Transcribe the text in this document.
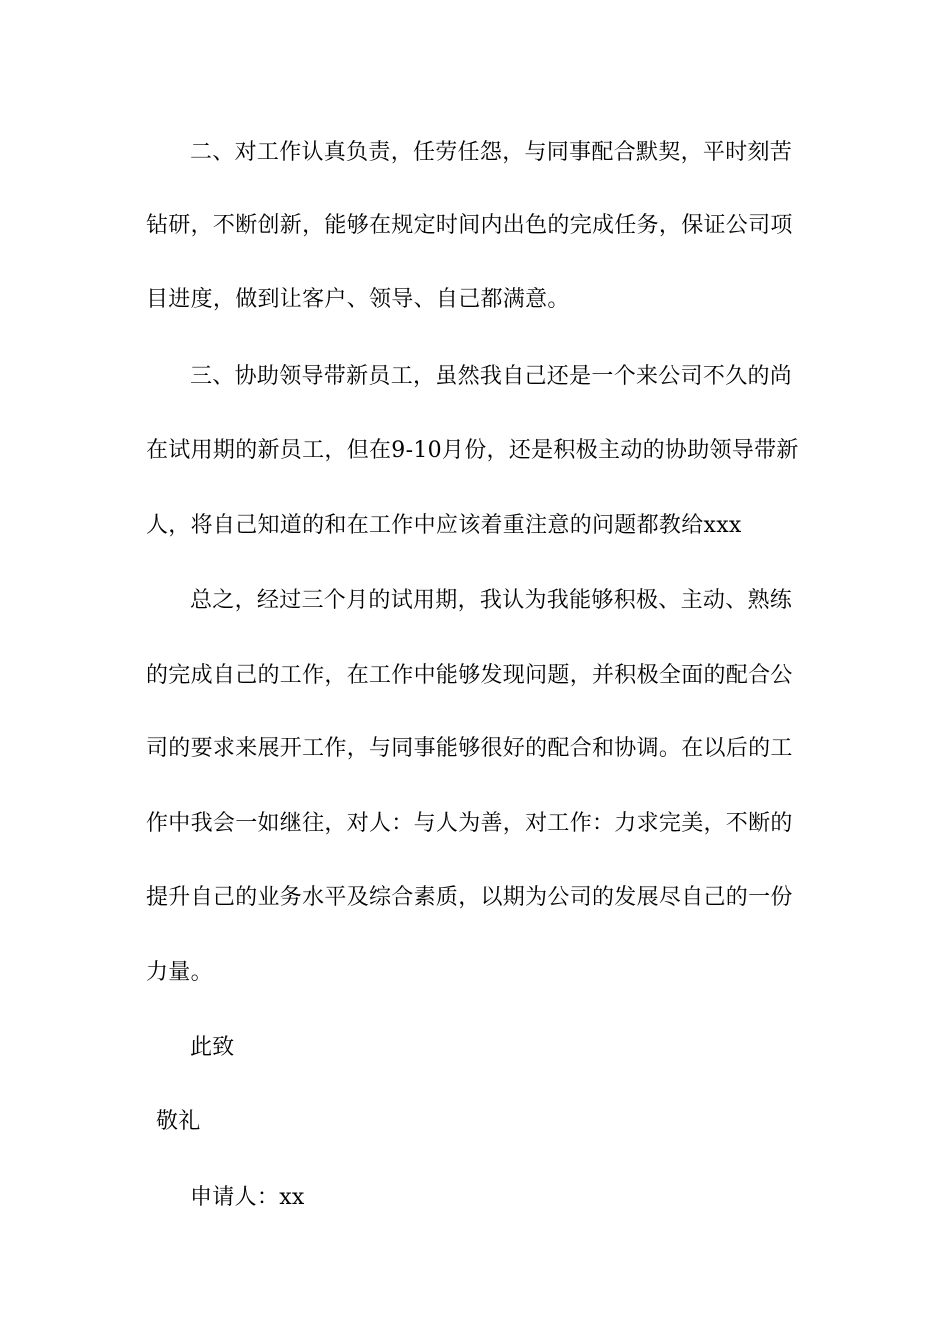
二、对工作认真负责，任劳任怨，与同事配合默契，平时刻苦
钻研，不断创新，能够在规定时间内出色的完成任务，保证公司项
目进度，做到让客户、领导、自己都满意。
三、协助领导带新员工，虽然我自己还是一个来公司不久的尚
在试用期的新员工，但在9-10月份，还是积极主动的协助领导带新
人，将自己知道的和在工作中应该着重注意的问题都教给xxx
总之，经过三个月的试用期，我认为我能够积极、主动、熟练
的完成自己的工作，在工作中能够发现问题，并积极全面的配合公
司的要求来展开工作，与同事能够很好的配合和协调。在以后的工
作中我会一如继往，对人：与人为善，对工作：力求完美，不断的
提升自己的业务水平及综合素质，以期为公司的发展尽自己的一份
力量。
此致
敬礼
申请人：xx
